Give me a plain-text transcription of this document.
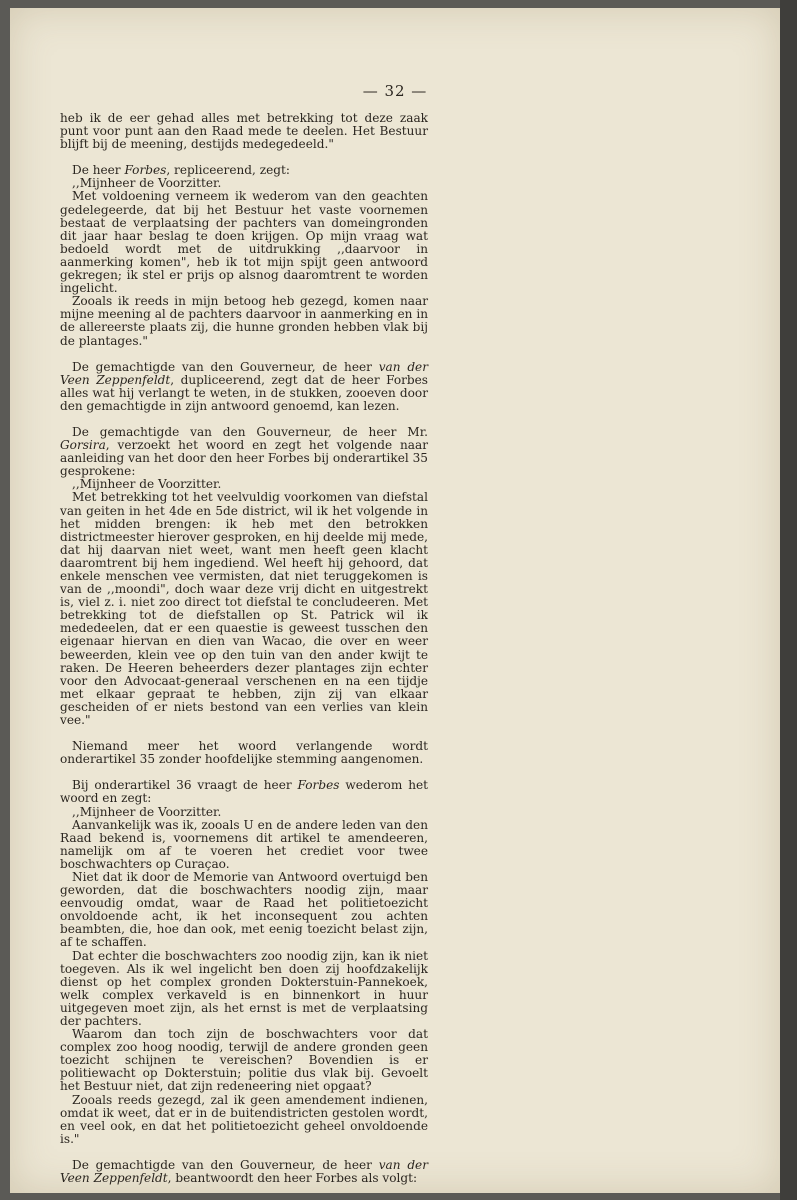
— 32 —

heb ik de eer gehad alles met betrekking tot deze zaak punt voor punt aan den Raad mede te deelen. Het Bestuur blijft bij de meening, destijds medegedeeld."

De heer Forbes, repliceerend, zegt:

,,Mijnheer de Voorzitter.

Met voldoening verneem ik wederom van den geachten gedelegeerde, dat bij het Bestuur het vaste voornemen bestaat de verplaatsing der pachters van domeingronden dit jaar haar beslag te doen krijgen. Op mijn vraag wat bedoeld wordt met de uitdrukking ,,daarvoor in aanmerking komen", heb ik tot mijn spijt geen antwoord gekregen; ik stel er prijs op alsnog daaromtrent te worden ingelicht.

Zooals ik reeds in mijn betoog heb gezegd, komen naar mijne meening al de pachters daarvoor in aanmerking en in de allereerste plaats zij, die hunne gronden hebben vlak bij de plantages."

De gemachtigde van den Gouverneur, de heer van der Veen Zeppenfeldt, dupliceerend, zegt dat de heer Forbes alles wat hij verlangt te weten, in de stukken, zooeven door den gemachtigde in zijn antwoord genoemd, kan lezen.

De gemachtigde van den Gouverneur, de heer Mr. Gorsira, verzoekt het woord en zegt het volgende naar aanleiding van het door den heer Forbes bij onderartikel 35 gesprokene:

,,Mijnheer de Voorzitter.

Met betrekking tot het veelvuldig voorkomen van diefstal van geiten in het 4de en 5de district, wil ik het volgende in het midden brengen: ik heb met den betrokken districtmeester hierover gesproken, en hij deelde mij mede, dat hij daarvan niet weet, want men heeft geen klacht daaromtrent bij hem ingediend. Wel heeft hij gehoord, dat enkele menschen vee vermisten, dat niet teruggekomen is van de ,,moondi", doch waar deze vrij dicht en uitgestrekt is, viel z. i. niet zoo direct tot diefstal te concludeeren. Met betrekking tot de diefstallen op St. Patrick wil ik mededeelen, dat er een quaestie is geweest tusschen den eigenaar hiervan en dien van Wacao, die over en weer beweerden, klein vee op den tuin van den ander kwijt te raken. De Heeren beheerders dezer plantages zijn echter voor den Advocaat-generaal verschenen en na een tijdje met elkaar gepraat te hebben, zijn zij van elkaar gescheiden of er niets bestond van een verlies van klein vee."

Niemand meer het woord verlangende wordt onderartikel 35 zonder hoofdelijke stemming aangenomen.

Bij onderartikel 36 vraagt de heer Forbes wederom het woord en zegt:

,,Mijnheer de Voorzitter.

Aanvankelijk was ik, zooals U en de andere leden van den Raad bekend is, voornemens dit artikel te amendeeren, namelijk om af te voeren het crediet voor twee boschwachters op Curaçao.

Niet dat ik door de Memorie van Antwoord overtuigd ben geworden, dat die boschwachters noodig zijn, maar eenvoudig omdat, waar de Raad het politietoezicht onvoldoende acht, ik het inconsequent zou achten beambten, die, hoe dan ook, met eenig toezicht belast zijn, af te schaffen.

Dat echter die boschwachters zoo noodig zijn, kan ik niet toegeven. Als ik wel ingelicht ben doen zij hoofdzakelijk dienst op het complex gronden Dokterstuin-Pannekoek, welk complex verkaveld is en binnenkort in huur uitgegeven moet zijn, als het ernst is met de verplaatsing der pachters.

Waarom dan toch zijn de boschwachters voor dat complex zoo hoog noodig, terwijl de andere gronden geen toezicht schijnen te vereischen? Bovendien is er politiewacht op Dokterstuin; politie dus vlak bij. Gevoelt het Bestuur niet, dat zijn redeneering niet opgaat?

Zooals reeds gezegd, zal ik geen amendement indienen, omdat ik weet, dat er in de buitendistricten gestolen wordt, en veel ook, en dat het politietoezicht geheel onvoldoende is."

De gemachtigde van den Gouverneur, de heer van der Veen Zeppenfeldt, beantwoordt den heer Forbes als volgt:
